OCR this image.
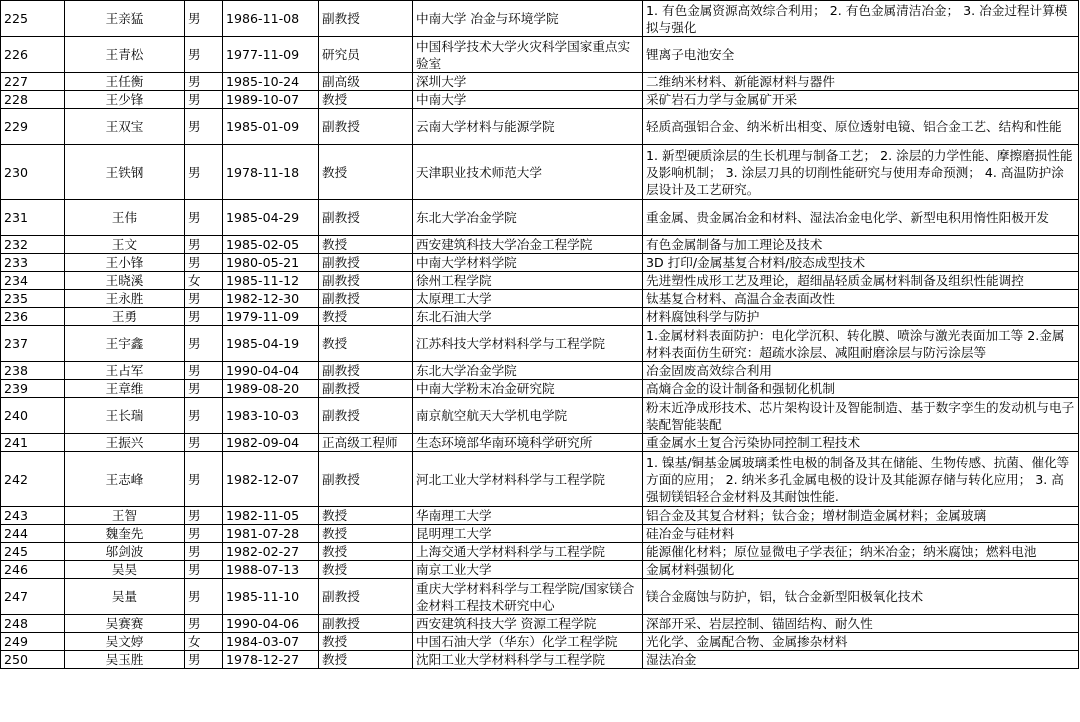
225	王亲猛	男	1986-11-08	副教授	中南大学 冶金与环境学院	1. 有色金属资源高效综合利用； 2. 有色金属清洁冶金； 3. 冶金过程计算模拟与强化
226	王青松	男	1977-11-09	研究员	中国科学技术大学火灾科学国家重点实验室	锂离子电池安全
227	王任衡	男	1985-10-24	副高级	深圳大学	二维纳米材料、新能源材料与器件
228	王少锋	男	1989-10-07	教授	中南大学	采矿岩石力学与金属矿开采
229	王双宝	男	1985-01-09	副教授	云南大学材料与能源学院	轻质高强铝合金、纳米析出相变、原位透射电镜、铝合金工艺、结构和性能
230	王铁钢	男	1978-11-18	教授	天津职业技术师范大学	1. 新型硬质涂层的生长机理与制备工艺； 2. 涂层的力学性能、摩擦磨损性能及影响机制； 3. 涂层刀具的切削性能研究与使用寿命预测； 4. 高温防护涂层设计及工艺研究。
231	王伟	男	1985-04-29	副教授	东北大学冶金学院	重金属、贵金属冶金和材料、湿法冶金电化学、新型电积用惰性阳极开发
232	王文	男	1985-02-05	教授	西安建筑科技大学冶金工程学院	有色金属制备与加工理论及技术
233	王小锋	男	1980-05-21	副教授	中南大学材料学院	3D 打印/金属基复合材料/胶态成型技术
234	王晓溪	女	1985-11-12	副教授	徐州工程学院	先进塑性成形工艺及理论，超细晶轻质金属材料制备及组织性能调控
235	王永胜	男	1982-12-30	副教授	太原理工大学	钛基复合材料、高温合金表面改性
236	王勇	男	1979-11-09	教授	东北石油大学	材料腐蚀科学与防护
237	王宇鑫	男	1985-04-19	教授	江苏科技大学材料科学与工程学院	1.金属材料表面防护：电化学沉积、转化膜、喷涂与激光表面加工等 2.金属材料表面仿生研究：超疏水涂层、减阻耐磨涂层与防污涂层等
238	王占军	男	1990-04-04	副教授	东北大学冶金学院	冶金固废高效综合利用
239	王章维	男	1989-08-20	副教授	中南大学粉末冶金研究院	高熵合金的设计制备和强韧化机制
240	王长瑞	男	1983-10-03	副教授	南京航空航天大学机电学院	粉末近净成形技术、芯片架构设计及智能制造、基于数字孪生的发动机与电子装配智能装配
241	王振兴	男	1982-09-04	正高级工程师	生态环境部华南环境科学研究所	重金属水土复合污染协同控制工程技术
242	王志峰	男	1982-12-07	副教授	河北工业大学材料科学与工程学院	1. 镍基/铜基金属玻璃柔性电极的制备及其在储能、生物传感、抗菌、催化等方面的应用； 2. 纳米多孔金属电极的设计及其能源存储与转化应用； 3. 高强韧镁铝轻合金材料及其耐蚀性能.
243	王智	男	1982-11-05	教授	华南理工大学	铝合金及其复合材料；钛合金；增材制造金属材料；金属玻璃
244	魏奎先	男	1981-07-28	教授	昆明理工大学	硅冶金与硅材料
245	邬剑波	男	1982-02-27	教授	上海交通大学材料科学与工程学院	能源催化材料；原位显微电子学表征；纳米冶金；纳米腐蚀；燃料电池
246	吴昊	男	1988-07-13	教授	南京工业大学	金属材料强韧化
247	吴量	男	1985-11-10	副教授	重庆大学材料科学与工程学院/国家镁合金材料工程技术研究中心	镁合金腐蚀与防护，铝，钛合金新型阳极氧化技术
248	吴赛赛	男	1990-04-06	副教授	西安建筑科技大学 资源工程学院	深部开采、岩层控制、锚固结构、耐久性
249	吴文婷	女	1984-03-07	教授	中国石油大学（华东）化学工程学院	光化学、金属配合物、金属掺杂材料
250	吴玉胜	男	1978-12-27	教授	沈阳工业大学材料科学与工程学院	湿法冶金
